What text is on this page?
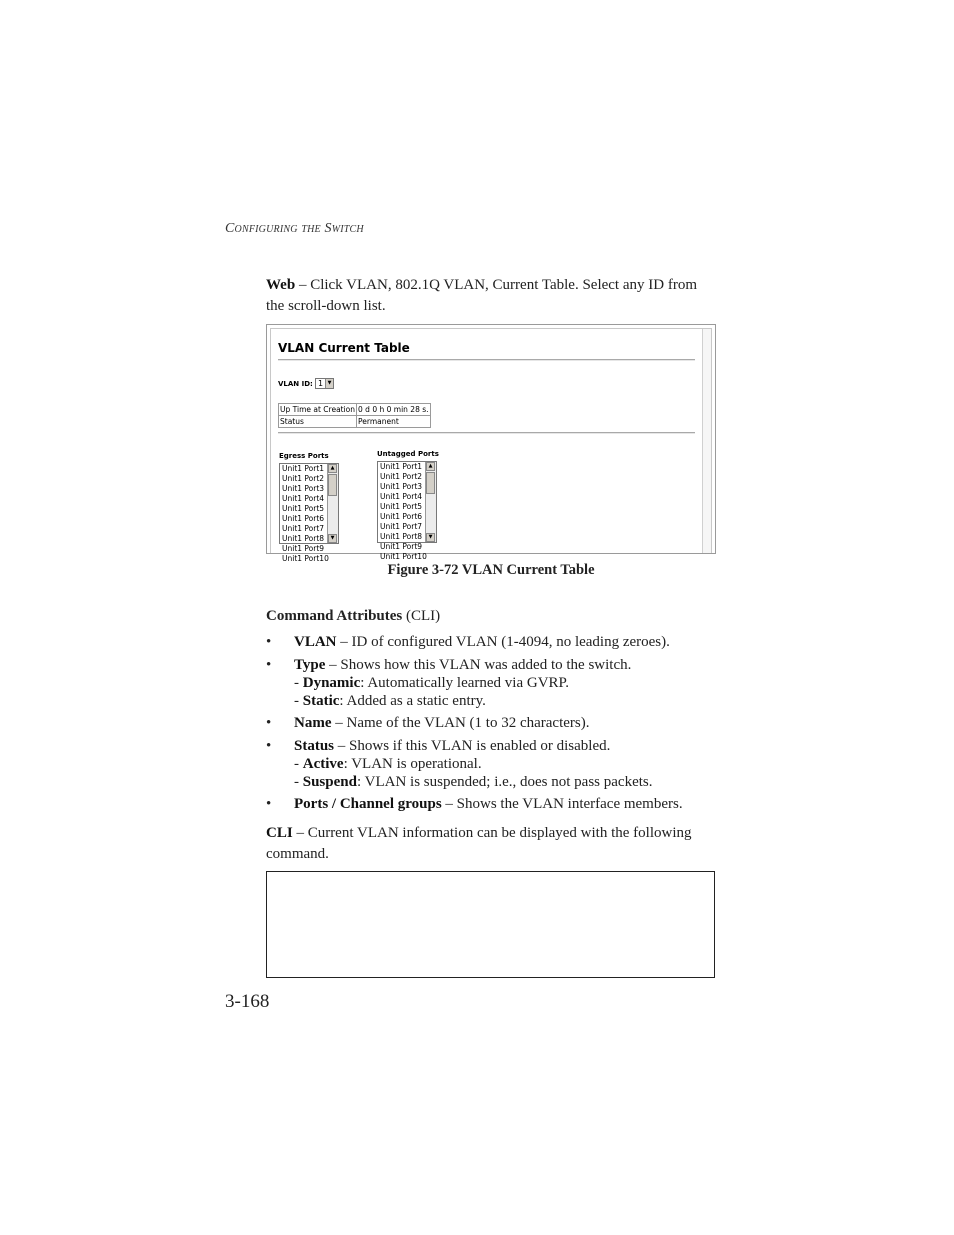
Configuring the Switch
Web – Click VLAN, 802.1Q VLAN, Current Table. Select any ID from
the scroll-down list.
VLAN Current Table
VLAN ID: 1 ▼
Up Time at Creation	0 d 0 h 0 min 28 s.
Status	Permanent
Egress Ports	Untagged Ports
Unit1 Port1
Unit1 Port2
Unit1 Port3
Unit1 Port4
Unit1 Port5
Unit1 Port6
Unit1 Port7
Unit1 Port8
Unit1 Port9
Unit1 Port10
▲
▼
Unit1 Port1
Unit1 Port2
Unit1 Port3
Unit1 Port4
Unit1 Port5
Unit1 Port6
Unit1 Port7
Unit1 Port8
Unit1 Port9
Unit1 Port10
▲
▼
Figure 3-72 VLAN Current Table
Command Attributes (CLI)
• VLAN – ID of configured VLAN (1-4094, no leading zeroes).
• Type – Shows how this VLAN was added to the switch.
- Dynamic: Automatically learned via GVRP.
- Static: Added as a static entry.
• Name – Name of the VLAN (1 to 32 characters).
• Status – Shows if this VLAN is enabled or disabled.
- Active: VLAN is operational.
- Suspend: VLAN is suspended; i.e., does not pass packets.
• Ports / Channel groups – Shows the VLAN interface members.
CLI – Current VLAN information can be displayed with the following
command.
3-168
